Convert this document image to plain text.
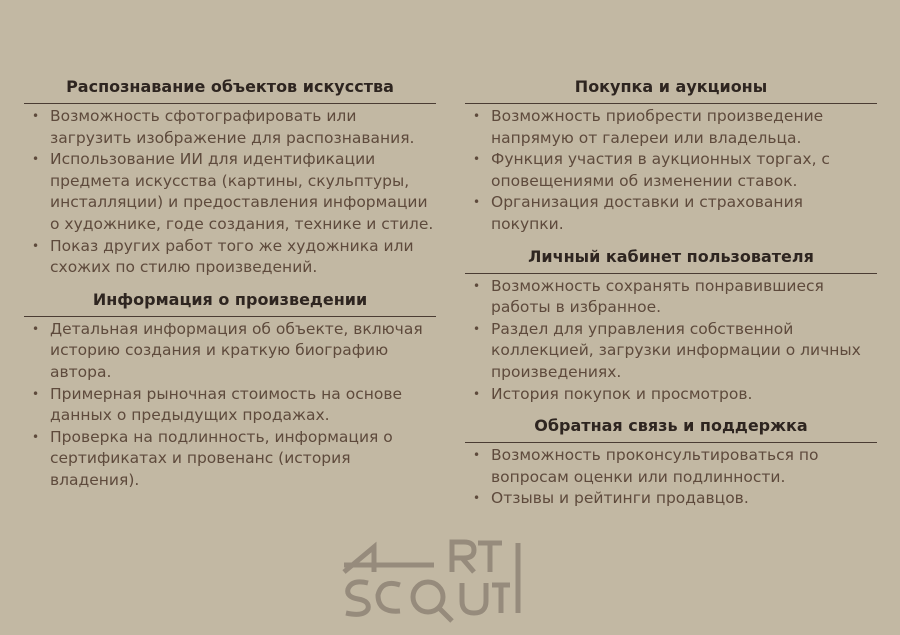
Распознавание объектов искусства
• Возможность сфотографировать или загрузить изображение для распознавания.
• Использование ИИ для идентификации предмета искусства (картины, скульптуры, инсталляции) и предоставления информации о художнике, годе создания, технике и стиле.
• Показ других работ того же художника или схожих по стилю произведений.
Информация о произведении
• Детальная информация об объекте, включая историю создания и краткую биографию автора.
• Примерная рыночная стоимость на основе данных о предыдущих продажах.
• Проверка на подлинность, информация о сертификатах и провенанс (история владения).
Покупка и аукционы
• Возможность приобрести произведение напрямую от галереи или владельца.
• Функция участия в аукционных торгах, с оповещениями об изменении ставок.
• Организация доставки и страхования покупки.
Личный кабинет пользователя
• Возможность сохранять понравившиеся работы в избранное.
• Раздел для управления собственной коллекцией, загрузки информации о личных произведениях.
• История покупок и просмотров.
Обратная связь и поддержка
• Возможность проконсультироваться по вопросам оценки или подлинности.
• Отзывы и рейтинги продавцов.
